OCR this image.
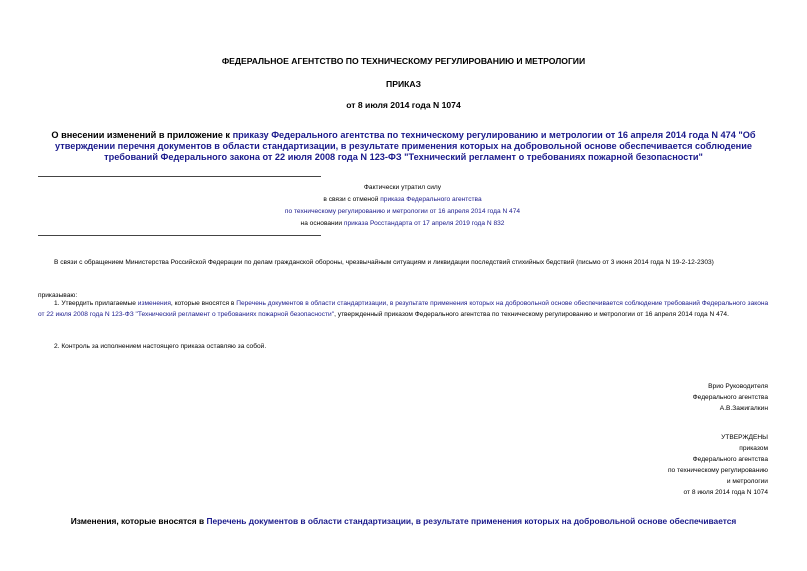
ФЕДЕРАЛЬНОЕ АГЕНТСТВО ПО ТЕХНИЧЕСКОМУ РЕГУЛИРОВАНИЮ И МЕТРОЛОГИИ
ПРИКАЗ
от 8 июля 2014 года N 1074
О внесении изменений в приложение к приказу Федерального агентства по техническому регулированию и метрологии от 16 апреля 2014 года N 474 "Об утверждении перечня документов в области стандартизации, в результате применения которых на добровольной основе обеспечивается соблюдение требований Федерального закона от 22 июля 2008 года N 123-ФЗ "Технический регламент о требованиях пожарной безопасности"
Фактически утратил силу
в связи с отменой приказа Федерального агентства
по техническому регулированию и метрологии от 16 апреля 2014 года N 474
на основании приказа Росстандарта от 17 апреля 2019 года N 832
В связи с обращением Министерства Российской Федерации по делам гражданской обороны, чрезвычайным ситуациям и ликвидации последствий стихийных бедствий (письмо от 3 июня 2014 года N 19-2-12-2303)
приказываю:
1. Утвердить прилагаемые изменения, которые вносятся в Перечень документов в области стандартизации, в результате применения которых на добровольной основе обеспечивается соблюдение требований Федерального закона от 22 июля 2008 года N 123-ФЗ "Технический регламент о требованиях пожарной безопасности", утвержденный приказом Федерального агентства по техническому регулированию и метрологии от 16 апреля 2014 года N 474.
2. Контроль за исполнением настоящего приказа оставляю за собой.
Врио Руководителя
Федерального агентства
А.В.Зажигалкин
УТВЕРЖДЕНЫ
приказом
Федерального агентства
по техническому регулированию
и метрологии
от 8 июля 2014 года N 1074
Изменения, которые вносятся в Перечень документов в области стандартизации, в результате применения которых на добровольной основе обеспечивается
